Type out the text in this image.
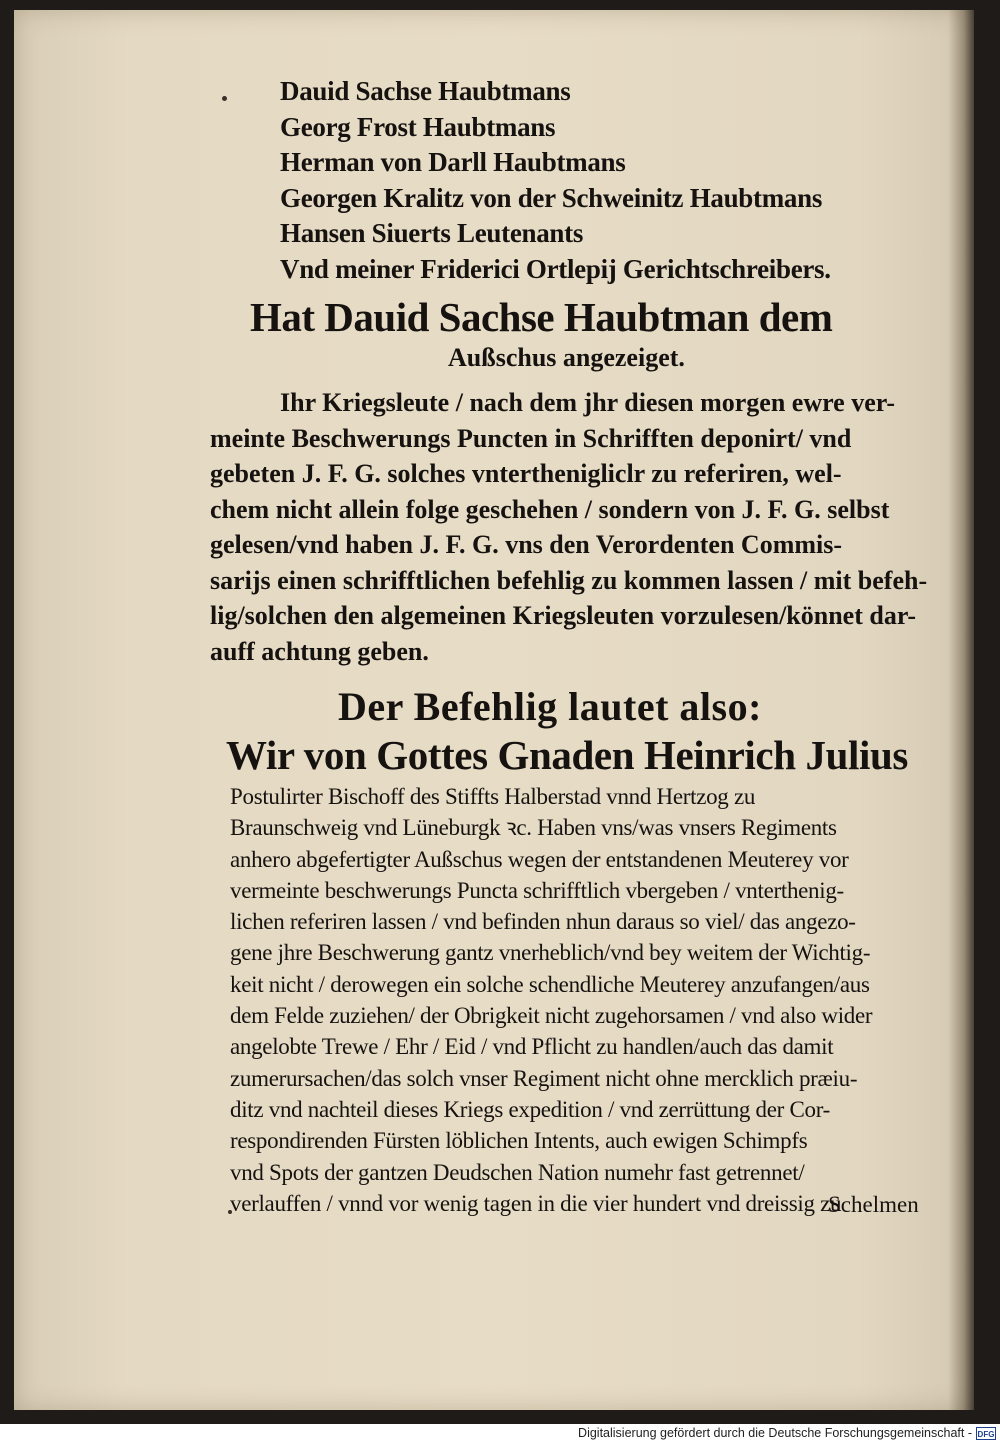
Dauid Sachse Haubtmans
Georg Frost Haubtmans
Herman von Darll Haubtmans
Georgen Kralitz von der Schweinitz Haubtmans
Hansen Siuerts Leutenants
Vnd meiner Friderici Ortlepij Gerichtschreibers.
Hat Dauid Sachse Haubtman dem
Außschus angezeiget.
Ihr Kriegsleute / nach dem jhr diesen morgen ewre ver-
meinte Beschwerungs Puncten in Schrifften deponirt/ vnd
gebeten J. F. G. solches vnterthenigliclr zu referiren, wel-
chem nicht allein folge geschehen / sondern von J. F. G. selbst
gelesen/vnd haben J. F. G. vns den Verordenten Commis-
sarijs einen schrifftlichen befehlig zu kommen lassen / mit befeh-
lig/solchen den algemeinen Kriegsleuten vorzulesen/könnet dar-
auff achtung geben.
Der Befehlig lautet also:
Wir von Gottes Gnaden Heinrich Julius
Postulirter Bischoff des Stiffts Halberstad vnnd Hertzog zu
Braunschweig vnd Lüneburgk ꝛc. Haben vns/was vnsers Regiments
anhero abgefertigter Außschus wegen der entstandenen Meuterey vor
vermeinte beschwerungs Puncta schrifftlich vbergeben / vnterthenig-
lichen referiren lassen / vnd befinden nhun daraus so viel/ das angezo-
gene jhre Beschwerung gantz vnerheblich/vnd bey weitem der Wichtig-
keit nicht / derowegen ein solche schendliche Meuterey anzufangen/aus
dem Felde zuziehen/ der Obrigkeit nicht zugehorsamen / vnd also wider
angelobte Trewe / Ehr / Eid / vnd Pflicht zu handlen/auch das damit
zumerursachen/das solch vnser Regiment nicht ohne mercklich præiu-
ditz vnd nachteil dieses Kriegs expedition / vnd zerrüttung der Cor-
respondirenden Fürsten löblichen Intents, auch ewigen Schimpfs
vnd Spots der gantzen Deudschen Nation numehr fast getrennet/
verlauffen / vnnd vor wenig tagen in die vier hundert vnd dreissig zu
Schelmen
Digitalisierung gefördert durch die Deutsche Forschungsgemeinschaft - DFG
